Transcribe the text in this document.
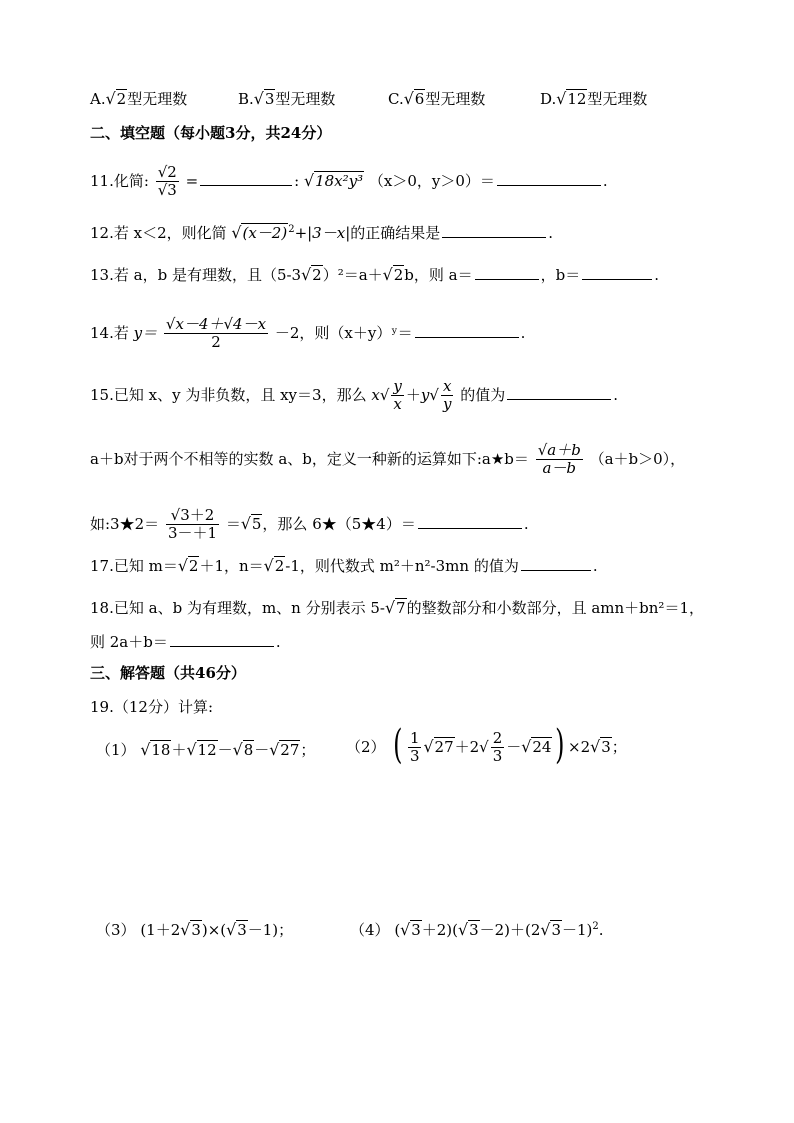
A.√2型无理数	B.√3型无理数	C.√6型无理数	D.√12型无理数
二、填空题（每小题3分，共24分）
11.化简: $\frac{√2}{√3}$ =	: √18x²y³ （x＞0，y＞0）＝	.
12.若 x＜2，则化简 $√(x-2)^2+|3-x|$的正确结果是	.
13.若 a，b 是有理数，且（5-3√2）²＝a＋√2b，则 a＝	，b＝	.
14.若 $y= \frac{√x-4+√4-x}{2} -2$，则（x＋y）ʸ＝	.
15.已知 x、y 为非负数，且 xy＝3，那么 $x√ \frac{y}{x} +y√ \frac{x}{y}$ 的值为	.
a＋b对于两个不相等的实数 a、b，定义一种新的运算如下:a★b＝ $\frac{√a+b}{a-b} (a+b>0)$，
如:3★2＝ $\frac{√3+2}{3-+1} =√5$，那么 6★（5★4）＝	.
17.已知 m＝√2＋1，n＝√2-1，则代数式 m²＋n²-3mn 的值为	.
18.已知 a、b 为有理数，m、n 分别表示 5-√7的整数部分和小数部分，且 amn＋bn²＝1，
则 2a＋b＝	.
三、解答题（共46分）
19.（12分）计算:
（1） √18＋√12－√8－√27； （2） ( $\frac{1}{3} √27+2√ \frac{2}{3} -√24$ ) ×2√3；
（3） (1＋2√3)×(√3－1)；	（4） $(√3+2)(√3-2)+(2√3-1)^2$.
